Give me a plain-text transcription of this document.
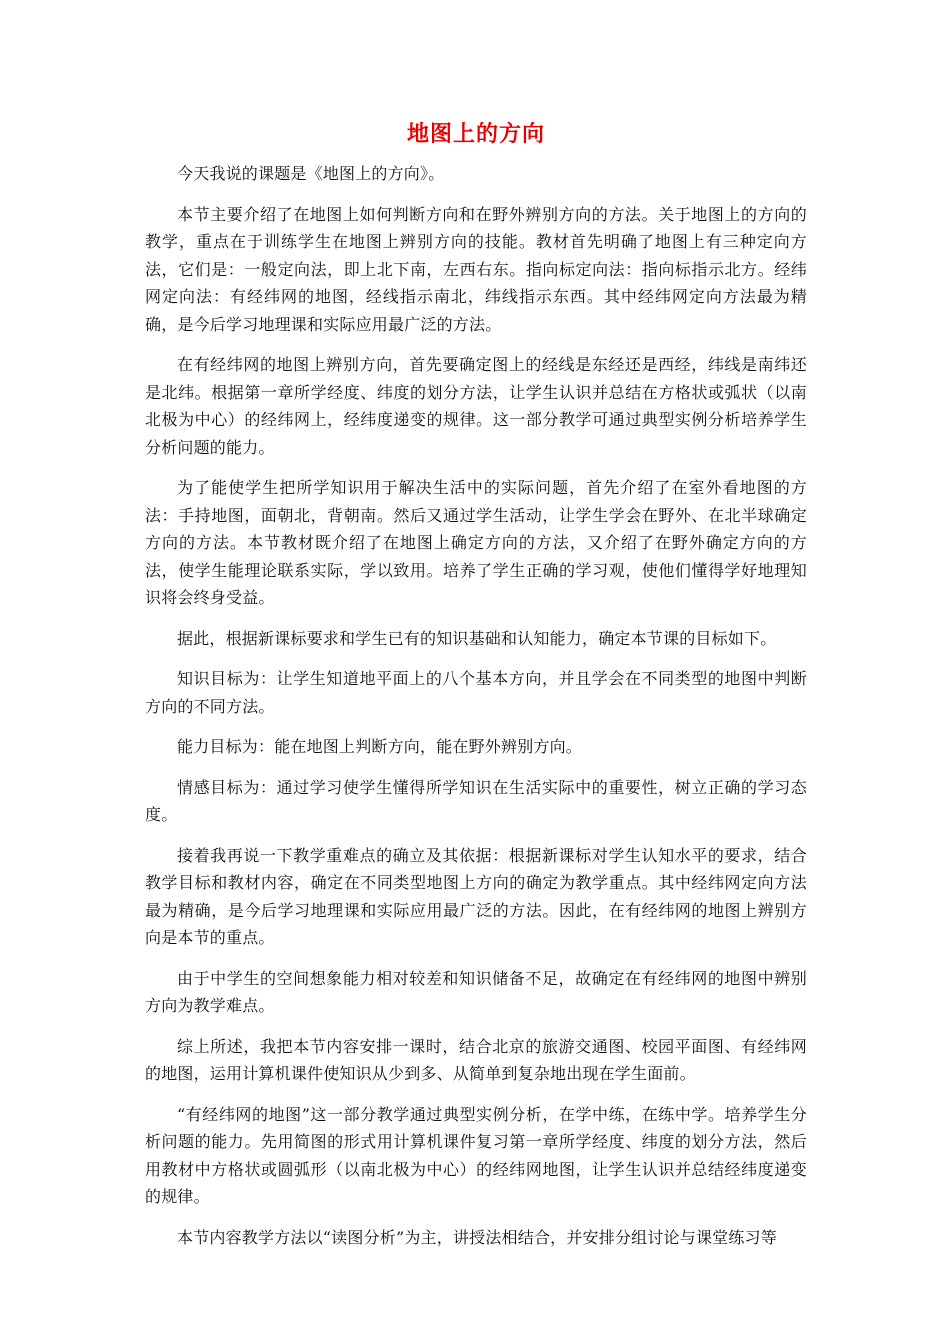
地图上的方向

今天我说的课题是《地图上的方向》。

本节主要介绍了在地图上如何判断方向和在野外辨别方向的方法。关于地图上的方向的教学，重点在于训练学生在地图上辨别方向的技能。教材首先明确了地图上有三种定向方法，它们是：一般定向法，即上北下南，左西右东。指向标定向法：指向标指示北方。经纬网定向法：有经纬网的地图，经线指示南北，纬线指示东西。其中经纬网定向方法最为精确，是今后学习地理课和实际应用最广泛的方法。

在有经纬网的地图上辨别方向，首先要确定图上的经线是东经还是西经，纬线是南纬还是北纬。根据第一章所学经度、纬度的划分方法，让学生认识并总结在方格状或弧状（以南北极为中心）的经纬网上，经纬度递变的规律。这一部分教学可通过典型实例分析培养学生分析问题的能力。

为了能使学生把所学知识用于解决生活中的实际问题，首先介绍了在室外看地图的方法：手持地图，面朝北，背朝南。然后又通过学生活动，让学生学会在野外、在北半球确定方向的方法。本节教材既介绍了在地图上确定方向的方法，又介绍了在野外确定方向的方法，使学生能理论联系实际，学以致用。培养了学生正确的学习观，使他们懂得学好地理知识将会终身受益。

据此，根据新课标要求和学生已有的知识基础和认知能力，确定本节课的目标如下。

知识目标为：让学生知道地平面上的八个基本方向，并且学会在不同类型的地图中判断方向的不同方法。

能力目标为：能在地图上判断方向，能在野外辨别方向。

情感目标为：通过学习使学生懂得所学知识在生活实际中的重要性，树立正确的学习态度。

接着我再说一下教学重难点的确立及其依据：根据新课标对学生认知水平的要求，结合教学目标和教材内容，确定在不同类型地图上方向的确定为教学重点。其中经纬网定向方法最为精确，是今后学习地理课和实际应用最广泛的方法。因此，在有经纬网的地图上辨别方向是本节的重点。

由于中学生的空间想象能力相对较差和知识储备不足，故确定在有经纬网的地图中辨别方向为教学难点。

综上所述，我把本节内容安排一课时，结合北京的旅游交通图、校园平面图、有经纬网的地图，运用计算机课件使知识从少到多、从简单到复杂地出现在学生面前。

“有经纬网的地图”这一部分教学通过典型实例分析，在学中练，在练中学。培养学生分析问题的能力。先用简图的形式用计算机课件复习第一章所学经度、纬度的划分方法，然后用教材中方格状或圆弧形（以南北极为中心）的经纬网地图，让学生认识并总结经纬度递变的规律。

本节内容教学方法以“读图分析”为主，讲授法相结合，并安排分组讨论与课堂练习等
